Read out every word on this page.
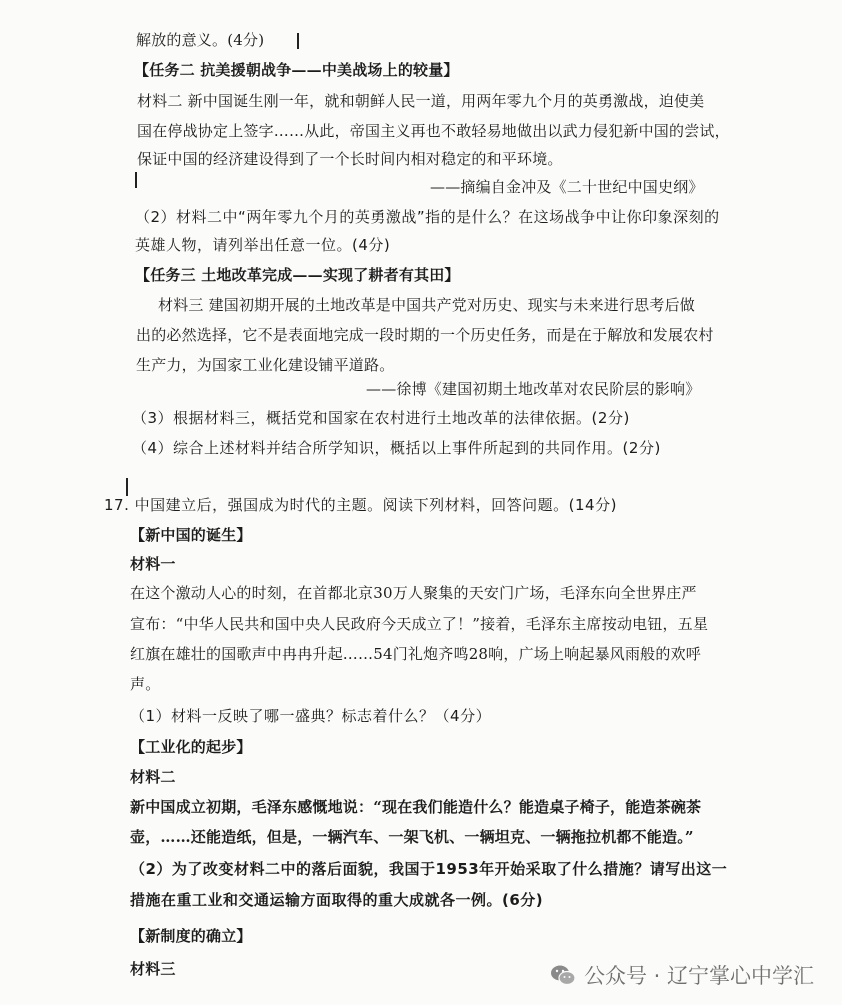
解放的意义。(4分)
【任务二 抗美援朝战争——中美战场上的较量】
材料二 新中国诞生刚一年，就和朝鲜人民一道，用两年零九个月的英勇激战，迫使美
国在停战协定上签字……从此，帝国主义再也不敢轻易地做出以武力侵犯新中国的尝试，
保证中国的经济建设得到了一个长时间内相对稳定的和平环境。
——摘编自金冲及《二十世纪中国史纲》
（2）材料二中“两年零九个月的英勇激战”指的是什么？在这场战争中让你印象深刻的
英雄人物，请列举出任意一位。(4分)
【任务三 土地改革完成——实现了耕者有其田】
材料三 建国初期开展的土地改革是中国共产党对历史、现实与未来进行思考后做
出的必然选择，它不是表面地完成一段时期的一个历史任务，而是在于解放和发展农村
生产力，为国家工业化建设铺平道路。
——徐博《建国初期土地改革对农民阶层的影响》
（3）根据材料三，概括党和国家在农村进行土地改革的法律依据。(2分)
（4）综合上述材料并结合所学知识，概括以上事件所起到的共同作用。(2分)
17. 中国建立后，强国成为时代的主题。阅读下列材料，回答问题。(14分)
【新中国的诞生】
材料一
在这个激动人心的时刻，在首都北京30万人聚集的天安门广场，毛泽东向全世界庄严
宣布：“中华人民共和国中央人民政府今天成立了！”接着，毛泽东主席按动电钮，五星
红旗在雄壮的国歌声中冉冉升起……54门礼炮齐鸣28响，广场上响起暴风雨般的欢呼
声。
（1）材料一反映了哪一盛典？标志着什么？（4分）
【工业化的起步】
材料二
新中国成立初期，毛泽东感慨地说：“现在我们能造什么？能造桌子椅子，能造茶碗茶
壶，……还能造纸，但是，一辆汽车、一架飞机、一辆坦克、一辆拖拉机都不能造。”
（2）为了改变材料二中的落后面貌，我国于1953年开始采取了什么措施？请写出这一
措施在重工业和交通运输方面取得的重大成就各一例。(6分)
【新制度的确立】
材料三	公众号 · 辽宁掌心中学汇
